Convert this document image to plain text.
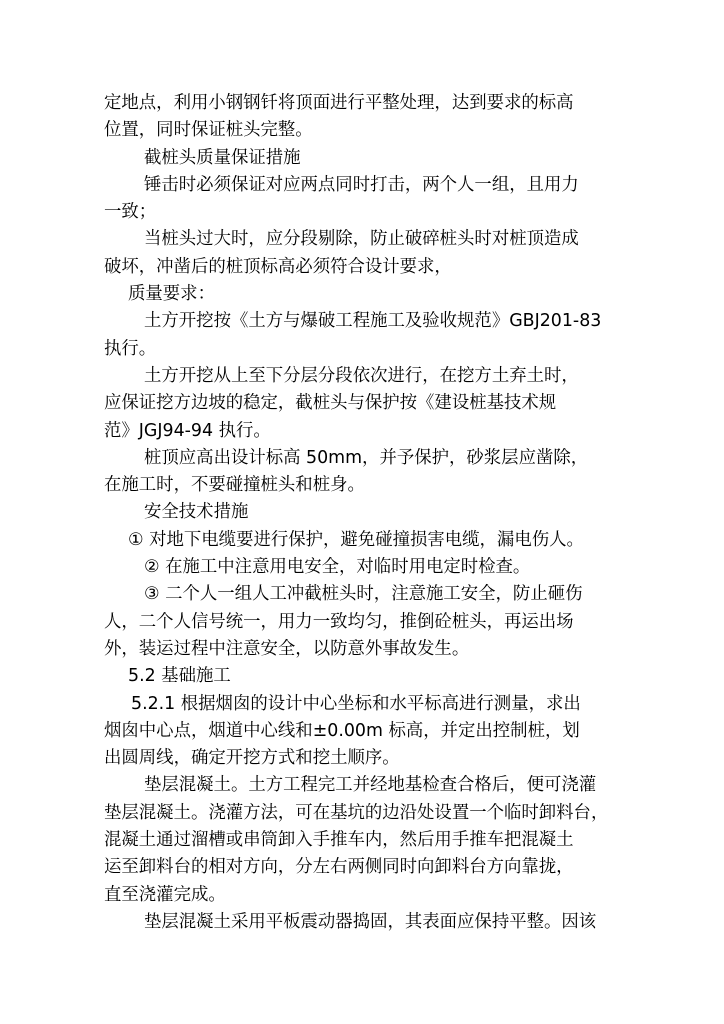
定地点，利用小钢钢钎将顶面进行平整处理，达到要求的标高
位置，同时保证桩头完整。
截桩头质量保证措施
锤击时必须保证对应两点同时打击，两个人一组，且用力
一致；
当桩头过大时，应分段剔除，防止破碎桩头时对桩顶造成
破坏，冲凿后的桩顶标高必须符合设计要求，
质量要求：
土方开挖按《土方与爆破工程施工及验收规范》GBJ201-83
执行。
土方开挖从上至下分层分段依次进行，在挖方土弃土时，
应保证挖方边坡的稳定，截桩头与保护按《建设桩基技术规
范》JGJ94-94 执行。
桩顶应高出设计标高 50mm，并予保护，砂浆层应凿除，
在施工时，不要碰撞桩头和桩身。
安全技术措施
① 对地下电缆要进行保护，避免碰撞损害电缆，漏电伤人。
② 在施工中注意用电安全，对临时用电定时检查。
③ 二个人一组人工冲截桩头时，注意施工安全，防止砸伤
人，二个人信号统一，用力一致均匀，推倒砼桩头，再运出场
外，装运过程中注意安全，以防意外事故发生。
5.2 基础施工
5.2.1 根据烟囱的设计中心坐标和水平标高进行测量，求出
烟囱中心点，烟道中心线和±0.00m 标高，并定出控制桩，划
出圆周线，确定开挖方式和挖土顺序。
垫层混凝土。土方工程完工并经地基检查合格后，便可浇灌
垫层混凝土。浇灌方法，可在基坑的边沿处设置一个临时卸料台，
混凝土通过溜槽或串筒卸入手推车内，然后用手推车把混凝土
运至卸料台的相对方向，分左右两侧同时向卸料台方向靠拢，
直至浇灌完成。
垫层混凝土采用平板震动器捣固，其表面应保持平整。因该
